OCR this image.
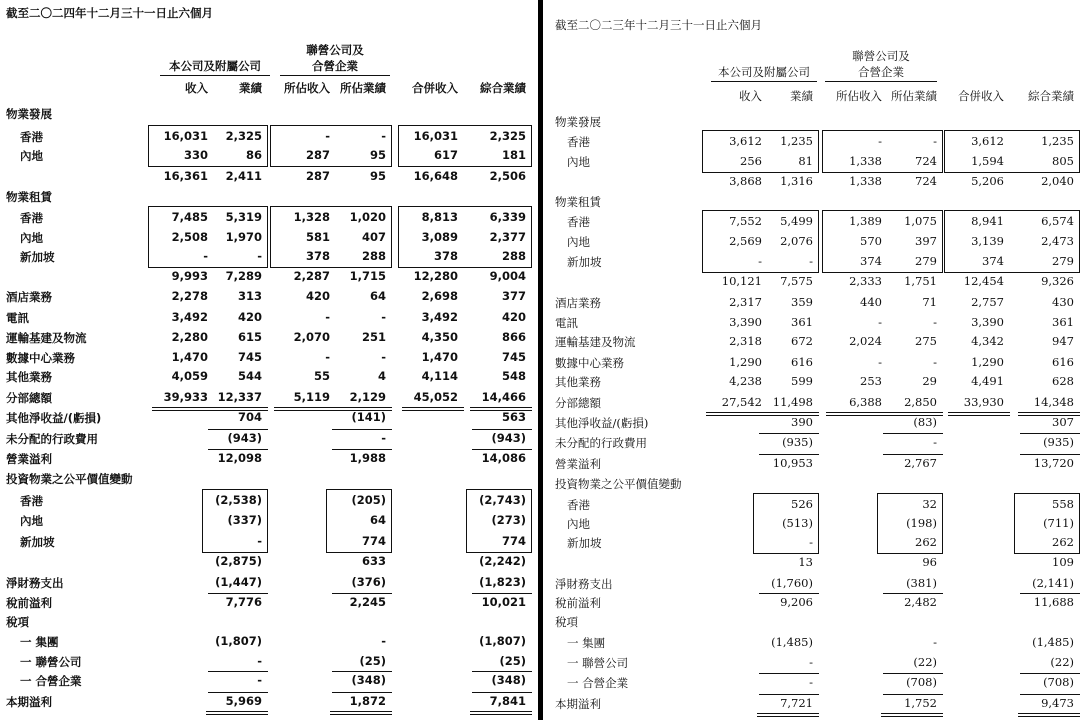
截至二〇二四年十二月三十一日止六個月
本公司及附屬公司
聯營公司及
合營企業
收入	業績	所佔收入 所佔業績	合併收入	綜合業績
物業發展
香港	16,031	2,325	-	-	16,031	2,325
內地	330	86	287	95	617	181
16,361	2,411	287	95	16,648	2,506
物業租賃
香港	7,485	5,319	1,328	1,020	8,813	6,339
內地	2,508	1,970	581	407	3,089	2,377
新加坡	-	-	378	288	378	288
9,993	7,289	2,287	1,715	12,280	9,004
酒店業務	2,278	313	420	64	2,698	377
電訊	3,492	420	-	-	3,492	420
運輸基建及物流	2,280	615	2,070	251	4,350	866
數據中心業務	1,470	745	-	-	1,470	745
其他業務	4,059	544	55	4	4,114	548
分部總額	39,933 12,337	5,119	2,129	45,052	14,466
其他淨收益/(虧損)	704	(141)	563
未分配的行政費用	(943)	-	(943)
營業溢利	12,098	1,988	14,086
投資物業之公平價值變動
香港	(2,538)	(205)	(2,743)
內地	(337)	64	(273)
新加坡	-	774	774
(2,875)	633	(2,242)
淨財務支出	(1,447)	(376)	(1,823)
稅前溢利	7,776	2,245	10,021
稅項
一 集團	(1,807)	-	(1,807)
一 聯營公司	-	(25)	(25)
一 合營企業	-	(348)	(348)
本期溢利	5,969	1,872	7,841
截至二〇二三年十二月三十一日止六個月
本公司及附屬公司
聯營公司及
合營企業
收入	業績	所佔收入 所佔業績	合併收入	綜合業績
物業發展
香港	3,612	1,235	-	-	3,612	1,235
內地	256	81	1,338	724	1,594	805
3,868	1,316	1,338	724	5,206	2,040
物業租賃
香港	7,552	5,499	1,389	1,075	8,941	6,574
內地	2,569	2,076	570	397	3,139	2,473
新加坡	-	-	374	279	374	279
10,121	7,575	2,333	1,751	12,454	9,326
酒店業務	2,317	359	440	71	2,757	430
電訊	3,390	361	-	-	3,390	361
運輸基建及物流	2,318	672	2,024	275	4,342	947
數據中心業務	1,290	616	-	-	1,290	616
其他業務	4,238	599	253	29	4,491	628
分部總額	27,542 11,498	6,388	2,850	33,930	14,348
其他淨收益/(虧損)	390	(83)	307
未分配的行政費用	(935)	-	(935)
營業溢利	10,953	2,767	13,720
投資物業之公平價值變動
香港	526	32	558
內地	(513)	(198)	(711)
新加坡	-	262	262
13	96	109
淨財務支出	(1,760)	(381)	(2,141)
稅前溢利	9,206	2,482	11,688
稅項
一 集團	(1,485)	-	(1,485)
一 聯營公司	-	(22)	(22)
一 合營企業	-	(708)	(708)
本期溢利	7,721	1,752	9,473
